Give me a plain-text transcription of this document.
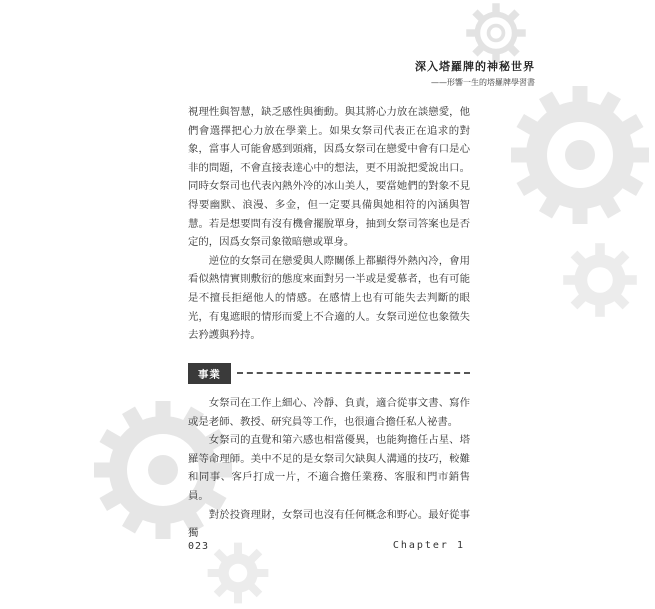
深入塔羅牌的神秘世界
——形響一生的塔羅牌學習書

視理性與智慧，缺乏感性與衝動。與其將心力放在談戀愛，他們會選擇把心力放在學業上。如果女祭司代表正在追求的對象，當事人可能會感到頭痛，因爲女祭司在戀愛中會有口是心非的問題，不會直接表達心中的想法，更不用說把愛說出口。同時女祭司也代表內熱外冷的冰山美人，要當她們的對象不見得要幽默、浪漫、多金，但一定要具備與她相符的內涵與智慧。若是想要問有沒有機會擺脫單身，抽到女祭司答案也是否定的，因爲女祭司象徵暗戀或單身。

逆位的女祭司在戀愛與人際關係上都顯得外熱內冷，會用看似熱情實則敷衍的態度來面對另一半或是愛慕者，也有可能是不擅長拒絕他人的情感。在感情上也有可能失去判斷的眼光，有鬼遮眼的情形而愛上不合適的人。女祭司逆位也象徵失去矜護與矜持。

事業

女祭司在工作上細心、冷靜、負責，適合從事文書、寫作或是老師、教授、研究員等工作，也很適合擔任私人祕書。

女祭司的直覺和第六感也相當優異，也能夠擔任占星、塔羅等命理師。美中不足的是女祭司欠缺與人溝通的技巧，較難和同事、客戶打成一片，不適合擔任業務、客服和門市銷售員。

對於投資理財，女祭司也沒有任何概念和野心。最好從事獨

023	Chapter 1
